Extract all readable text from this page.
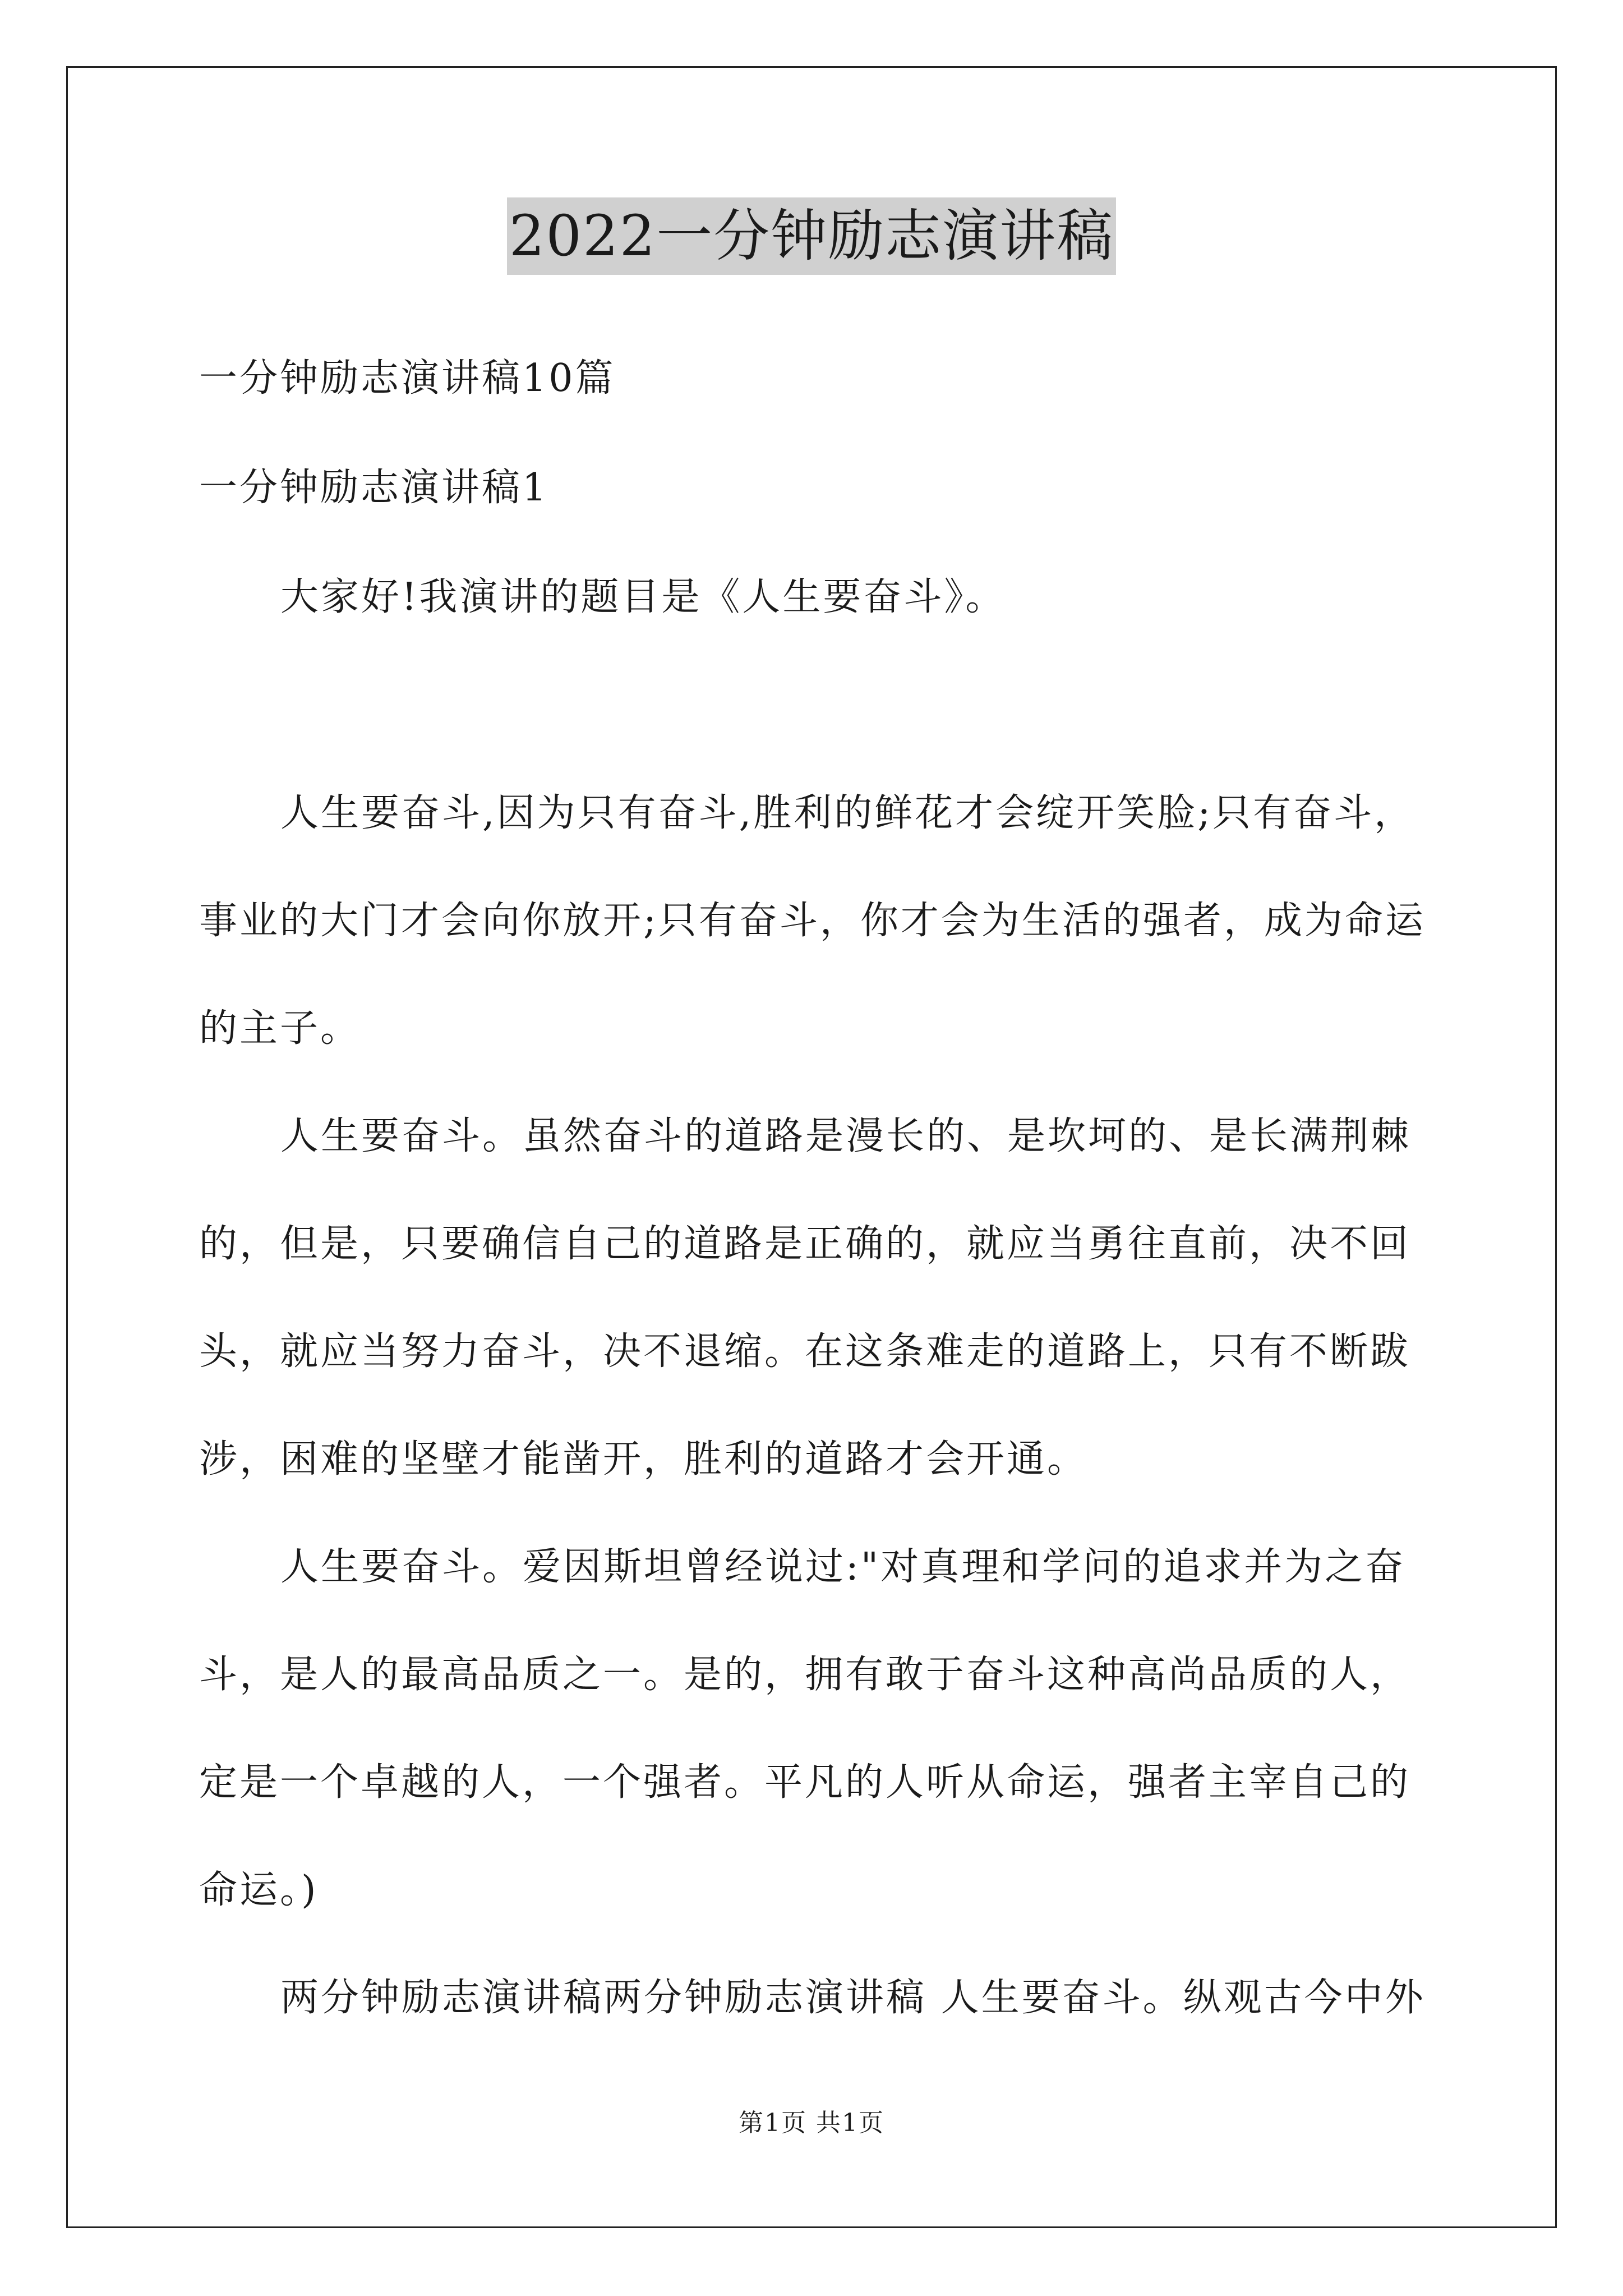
2022一分钟励志演讲稿
一分钟励志演讲稿10篇
一分钟励志演讲稿1
大家好!我演讲的题目是《人生要奋斗》。
人生要奋斗,因为只有奋斗,胜利的鲜花才会绽开笑脸;只有奋斗，
事业的大门才会向你放开;只有奋斗，你才会为生活的强者，成为命运
的主子。
人生要奋斗。虽然奋斗的道路是漫长的、是坎坷的、是长满荆棘
的，但是，只要确信自己的道路是正确的，就应当勇往直前，决不回
头，就应当努力奋斗，决不退缩。在这条难走的道路上，只有不断跋
涉，困难的坚壁才能凿开，胜利的道路才会开通。
人生要奋斗。爱因斯坦曾经说过:"对真理和学问的追求并为之奋
斗，是人的最高品质之一。是的，拥有敢于奋斗这种高尚品质的人，
定是一个卓越的人，一个强者。平凡的人听从命运，强者主宰自己的
命运。)
两分钟励志演讲稿两分钟励志演讲稿 人生要奋斗。纵观古今中外
第1页 共1页
